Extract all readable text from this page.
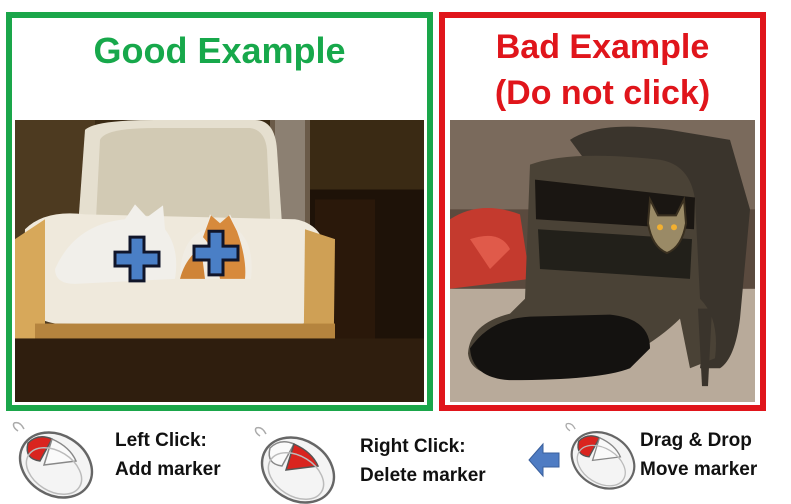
Good Example	Bad Example
(Do not click)
Left Click:
Add marker
Right Click:
Delete marker
Drag & Drop
Move marker
